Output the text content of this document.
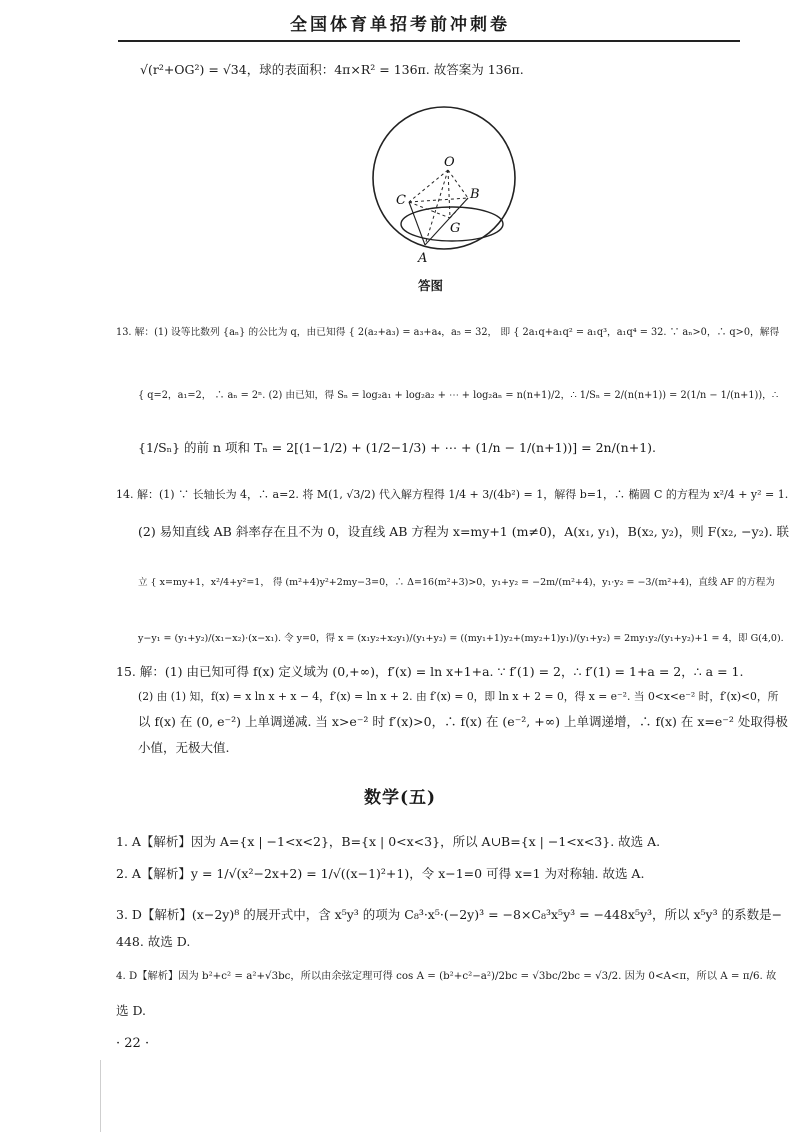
全国体育单招考前冲刺卷
√(r²+OG²) = √34，球的表面积：4π×R² = 136π. 故答案为 136π.
O
B
C
G
A
答图
13. 解：(1) 设等比数列 {aₙ} 的公比为 q，由已知得 { 2(a₂+a₃) = a₃+a₄，a₅ = 32， 即 { 2a₁q+a₁q² = a₁q³，a₁q⁴ = 32. ∵ aₙ>0，∴ q>0，解得
{ q=2，a₁=2， ∴ aₙ = 2ⁿ. (2) 由已知，得 Sₙ = log₂a₁ + log₂a₂ + ⋯ + log₂aₙ = n(n+1)/2，∴ 1/Sₙ = 2/(n(n+1)) = 2(1/n − 1/(n+1))，∴
{1/Sₙ} 的前 n 项和 Tₙ = 2[(1−1/2) + (1/2−1/3) + ⋯ + (1/n − 1/(n+1))] = 2n/(n+1).
14. 解：(1) ∵ 长轴长为 4，∴ a=2. 将 M(1, √3/2) 代入解方程得 1/4 + 3/(4b²) = 1，解得 b=1，∴ 椭圆 C 的方程为 x²/4 + y² = 1.
(2) 易知直线 AB 斜率存在且不为 0，设直线 AB 方程为 x=my+1 (m≠0)，A(x₁, y₁)，B(x₂, y₂)，则 F(x₂, −y₂). 联
立 { x=my+1，x²/4+y²=1， 得 (m²+4)y²+2my−3=0，∴ Δ=16(m²+3)>0，y₁+y₂ = −2m/(m²+4)，y₁·y₂ = −3/(m²+4)，直线 AF 的方程为
y−y₁ = (y₁+y₂)/(x₁−x₂)·(x−x₁). 令 y=0，得 x = (x₁y₂+x₂y₁)/(y₁+y₂) = ((my₁+1)y₂+(my₂+1)y₁)/(y₁+y₂) = 2my₁y₂/(y₁+y₂)+1 = 4，即 G(4,0).
15. 解：(1) 由已知可得 f(x) 定义域为 (0,+∞)，f′(x) = ln x+1+a. ∵ f′(1) = 2，∴ f′(1) = 1+a = 2，∴ a = 1.
(2) 由 (1) 知，f(x) = x ln x + x − 4，f′(x) = ln x + 2. 由 f′(x) = 0，即 ln x + 2 = 0，得 x = e⁻². 当 0<x<e⁻² 时，f′(x)<0，所
以 f(x) 在 (0, e⁻²) 上单调递减. 当 x>e⁻² 时 f′(x)>0，∴ f(x) 在 (e⁻², +∞) 上单调递增，∴ f(x) 在 x=e⁻² 处取得极
小值，无极大值.
数学(五)
1. A【解析】因为 A={x | −1<x<2}，B={x | 0<x<3}，所以 A∪B={x | −1<x<3}. 故选 A.
2. A【解析】y = 1/√(x²−2x+2) = 1/√((x−1)²+1)，令 x−1=0 可得 x=1 为对称轴. 故选 A.
3. D【解析】(x−2y)⁸ 的展开式中，含 x⁵y³ 的项为 C₈³·x⁵·(−2y)³ = −8×C₈³x⁵y³ = −448x⁵y³，所以 x⁵y³ 的系数是−
448. 故选 D.
4. D【解析】因为 b²+c² = a²+√3bc，所以由余弦定理可得 cos A = (b²+c²−a²)/2bc = √3bc/2bc = √3/2. 因为 0<A<π，所以 A = π/6. 故
选 D.
· 22 ·
